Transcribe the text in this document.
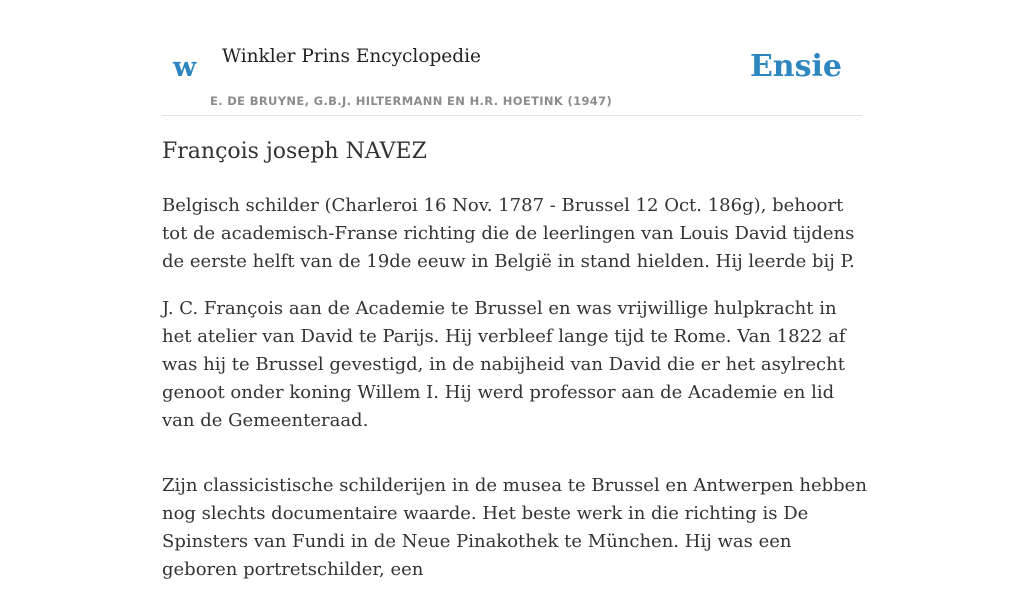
w Winkler Prins Encyclopedie
E. DE BRUYNE, G.B.J. HILTERMANN EN H.R. HOETINK (1947)
Ensie
François joseph NAVEZ

Belgisch schilder (Charleroi 16 Nov. 1787 - Brussel 12 Oct. 186g), behoort tot de academisch-Franse richting die de leerlingen van Louis David tijdens de eerste helft van de 19de eeuw in België in stand hielden. Hij leerde bij P.

J. C. François aan de Academie te Brussel en was vrijwillige hulpkracht in het atelier van David te Parijs. Hij verbleef lange tijd te Rome. Van 1822 af was hij te Brussel gevestigd, in de nabijheid van David die er het asylrecht genoot onder koning Willem I. Hij werd professor aan de Academie en lid van de Gemeenteraad.

Zijn classicistische schilderijen in de musea te Brussel en Antwerpen hebben nog slechts documentaire waarde. Het beste werk in die richting is De Spinsters van Fundi in de Neue Pinakothek te München. Hij was een geboren portretschilder, een
